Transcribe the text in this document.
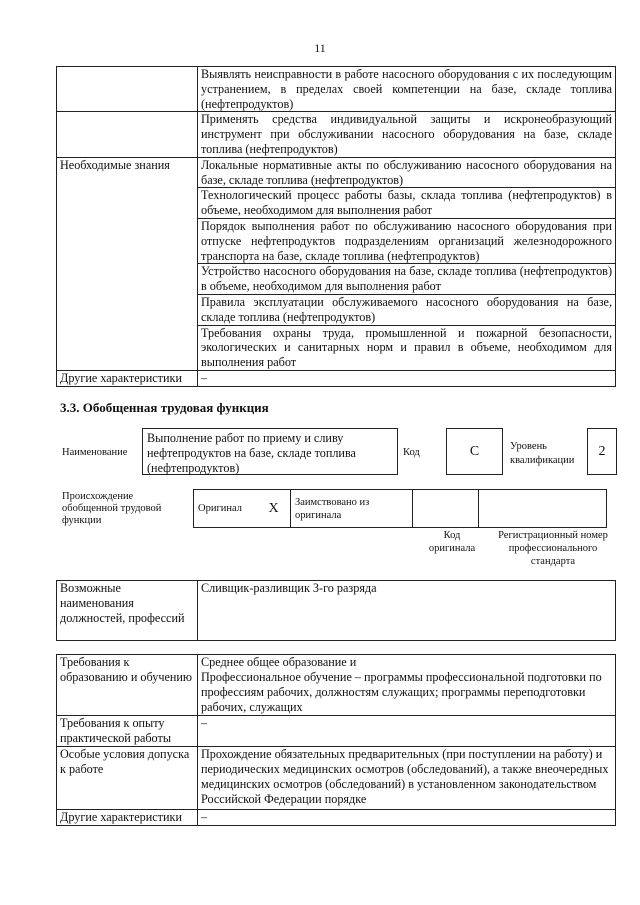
11
	Выявлять неисправности в работе насосного оборудования с их последующим устранением, в пределах своей компетенции на базе, складе топлива (нефтепродуктов)
	Применять средства индивидуальной защиты и искронеобразующий инструмент при обслуживании насосного оборудования на базе, складе топлива (нефтепродуктов)
Необходимые знания	Локальные нормативные акты по обслуживанию насосного оборудования на базе, складе топлива (нефтепродуктов)
	Технологический процесс работы базы, склада топлива (нефтепродуктов) в объеме, необходимом для выполнения работ
	Порядок выполнения работ по обслуживанию насосного оборудования при отпуске нефтепродуктов подразделениям организаций железнодорожного транспорта на базе, складе топлива (нефтепродуктов)
	Устройство насосного оборудования на базе, складе топлива (нефтепродуктов) в объеме, необходимом для выполнения работ
	Правила эксплуатации обслуживаемого насосного оборудования на базе, складе топлива (нефтепродуктов)
	Требования охраны труда, промышленной и пожарной безопасности, экологических и санитарных норм и правил в объеме, необходимом для выполнения работ
Другие характеристики	–
3.3. Обобщенная трудовая функция
Наименование
Выполнение работ по приему и сливу нефтепродуктов на базе, складе топлива (нефтепродуктов)
Код	C	Уровень квалификации
2
Происхождение обобщенной трудовой функции
Оригинал	X	Заимствовано из оригинала		
Код оригинала
Регистрационный номер профессионального стандарта
Возможные наименования должностей, профессий	Сливщик-разливщик 3-го разряда
Требования к образованию и обучению	Среднее общее образование и
Профессиональное обучение – программы профессиональной подготовки по профессиям рабочих, должностям служащих; программы переподготовки рабочих, служащих

Требования к опыту практической работы	–
Особые условия допуска к работе	Прохождение обязательных предварительных (при поступлении на работу) и периодических медицинских осмотров (обследований), а также внеочередных медицинских осмотров (обследований) в установленном законодательством Российской Федерации порядке
Другие характеристики	–
